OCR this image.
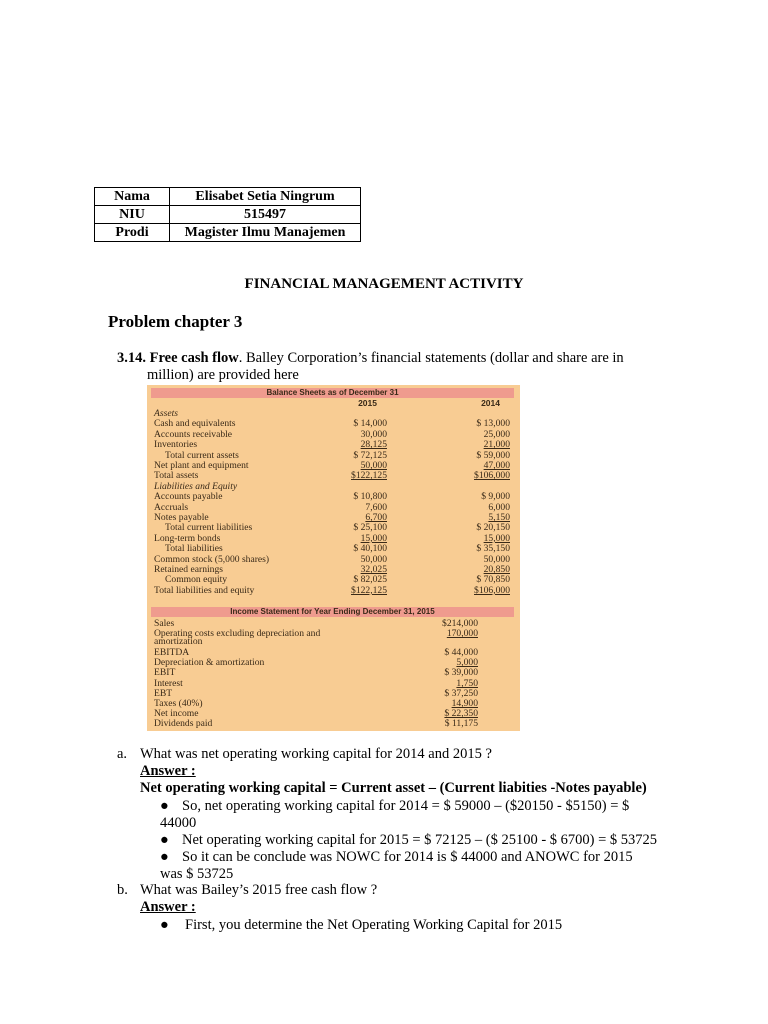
Nama	Elisabet Setia Ningrum
NIU	515497
Prodi	Magister Ilmu Manajemen
FINANCIAL MANAGEMENT ACTIVITY
Problem chapter 3
3.14. Free cash flow. Balley Corporation’s financial statements (dollar and share are in
million) are provided here
Balance Sheets as of December 31
2015	2014
Assets
Cash and equivalents	$ 14,000	$ 13,000
Accounts receivable	30,000	25,000
Inventories	28,125	21,000
Total current assets	$ 72,125	$ 59,000
Net plant and equipment	50,000	47,000
Total assets	$122,125	$106,000
Liabilities and Equity
Accounts payable	$ 10,800	$ 9,000
Accruals	7,600	6,000
Notes payable	6,700	5,150
Total current liabilities	$ 25,100	$ 20,150
Long-term bonds	15,000	15,000
Total liabilities	$ 40,100	$ 35,150
Common stock (5,000 shares)	50,000	50,000
Retained earnings	32,025	20,850
Common equity	$ 82,025	$ 70,850
Total liabilities and equity	$122,125	$106,000
Income Statement for Year Ending December 31, 2015
Sales	$214,000
Operating costs excluding depreciation and	170,000
amortization
EBITDA	$ 44,000
Depreciation & amortization	5,000
EBIT	$ 39,000
Interest	1,750
EBT	$ 37,250
Taxes (40%)	14,900
Net income	$ 22,350
Dividends paid	$ 11,175
a. What was net operating working capital for 2014 and 2015 ?
Answer :
Net operating working capital = Current asset – (Current liabities -Notes payable)
● So, net operating working capital for 2014 = $ 59000 – ($20150 - $5150) = $
44000
● Net operating working capital for 2015 = $ 72125 – ($ 25100 - $ 6700) = $ 53725
● So it can be conclude was NOWC for 2014 is $ 44000 and ANOWC for 2015
was $ 53725
b. What was Bailey’s 2015 free cash flow ?
Answer :
● First, you determine the Net Operating Working Capital for 2015
